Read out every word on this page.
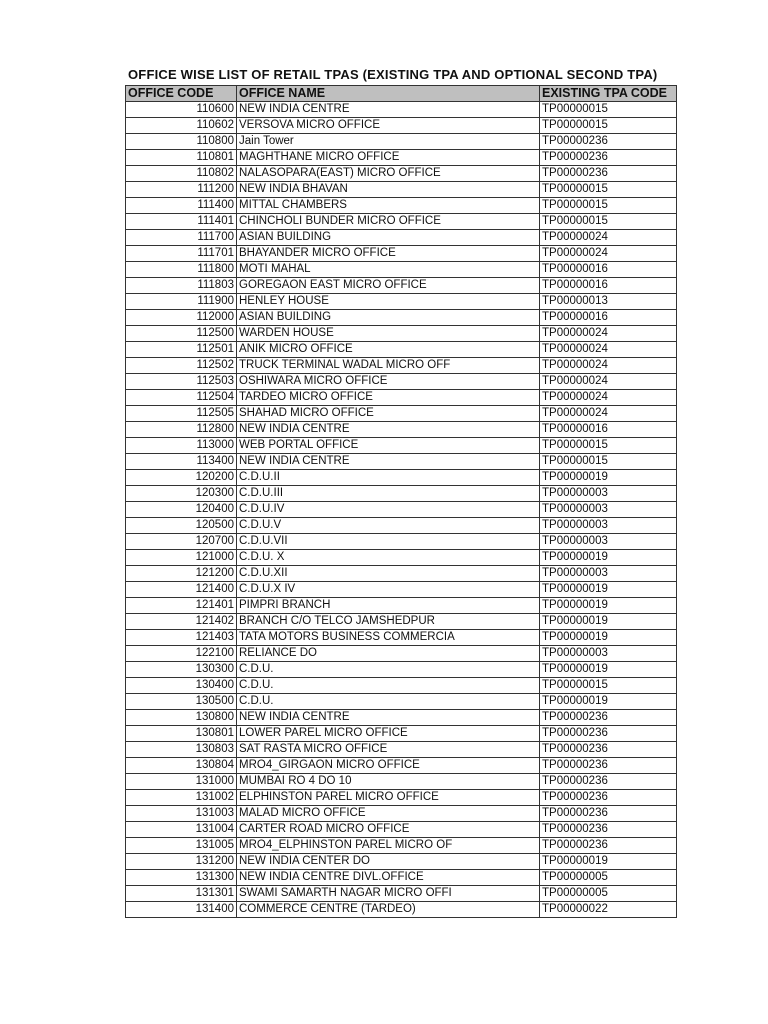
OFFICE WISE LIST OF RETAIL TPAS (EXISTING TPA AND OPTIONAL SECOND TPA)
OFFICE CODE	OFFICE NAME	EXISTING TPA CODE
110600	NEW INDIA CENTRE	TP00000015
110602	VERSOVA MICRO OFFICE	TP00000015
110800	Jain Tower	TP00000236
110801	MAGHTHANE MICRO OFFICE	TP00000236
110802	NALASOPARA(EAST) MICRO OFFICE	TP00000236
111200	NEW INDIA BHAVAN	TP00000015
111400	MITTAL CHAMBERS	TP00000015
111401	CHINCHOLI BUNDER MICRO OFFICE	TP00000015
111700	ASIAN BUILDING	TP00000024
111701	BHAYANDER MICRO OFFICE	TP00000024
111800	MOTI MAHAL	TP00000016
111803	GOREGAON EAST MICRO OFFICE	TP00000016
111900	HENLEY HOUSE	TP00000013
112000	ASIAN BUILDING	TP00000016
112500	WARDEN HOUSE	TP00000024
112501	ANIK MICRO OFFICE	TP00000024
112502	TRUCK TERMINAL WADAL MICRO OFF	TP00000024
112503	OSHIWARA MICRO OFFICE	TP00000024
112504	TARDEO MICRO OFFICE	TP00000024
112505	SHAHAD MICRO OFFICE	TP00000024
112800	NEW INDIA CENTRE	TP00000016
113000	WEB PORTAL OFFICE	TP00000015
113400	NEW INDIA CENTRE	TP00000015
120200	C.D.U.II	TP00000019
120300	C.D.U.III	TP00000003
120400	C.D.U.IV	TP00000003
120500	C.D.U.V	TP00000003
120700	C.D.U.VII	TP00000003
121000	C.D.U. X	TP00000019
121200	C.D.U.XII	TP00000003
121400	C.D.U.X IV	TP00000019
121401	PIMPRI BRANCH	TP00000019
121402	BRANCH C/O TELCO JAMSHEDPUR	TP00000019
121403	TATA MOTORS BUSINESS COMMERCIA	TP00000019
122100	RELIANCE DO	TP00000003
130300	C.D.U.	TP00000019
130400	C.D.U.	TP00000015
130500	C.D.U.	TP00000019
130800	NEW INDIA CENTRE	TP00000236
130801	LOWER PAREL MICRO OFFICE	TP00000236
130803	SAT RASTA MICRO OFFICE	TP00000236
130804	MRO4_GIRGAON MICRO OFFICE	TP00000236
131000	MUMBAI RO 4 DO 10	TP00000236
131002	ELPHINSTON PAREL MICRO OFFICE	TP00000236
131003	MALAD MICRO OFFICE	TP00000236
131004	CARTER ROAD MICRO OFFICE	TP00000236
131005	MRO4_ELPHINSTON PAREL MICRO OF	TP00000236
131200	NEW INDIA CENTER DO	TP00000019
131300	NEW INDIA CENTRE DIVL.OFFICE	TP00000005
131301	SWAMI SAMARTH NAGAR MICRO OFFI	TP00000005
131400	COMMERCE CENTRE (TARDEO)	TP00000022
